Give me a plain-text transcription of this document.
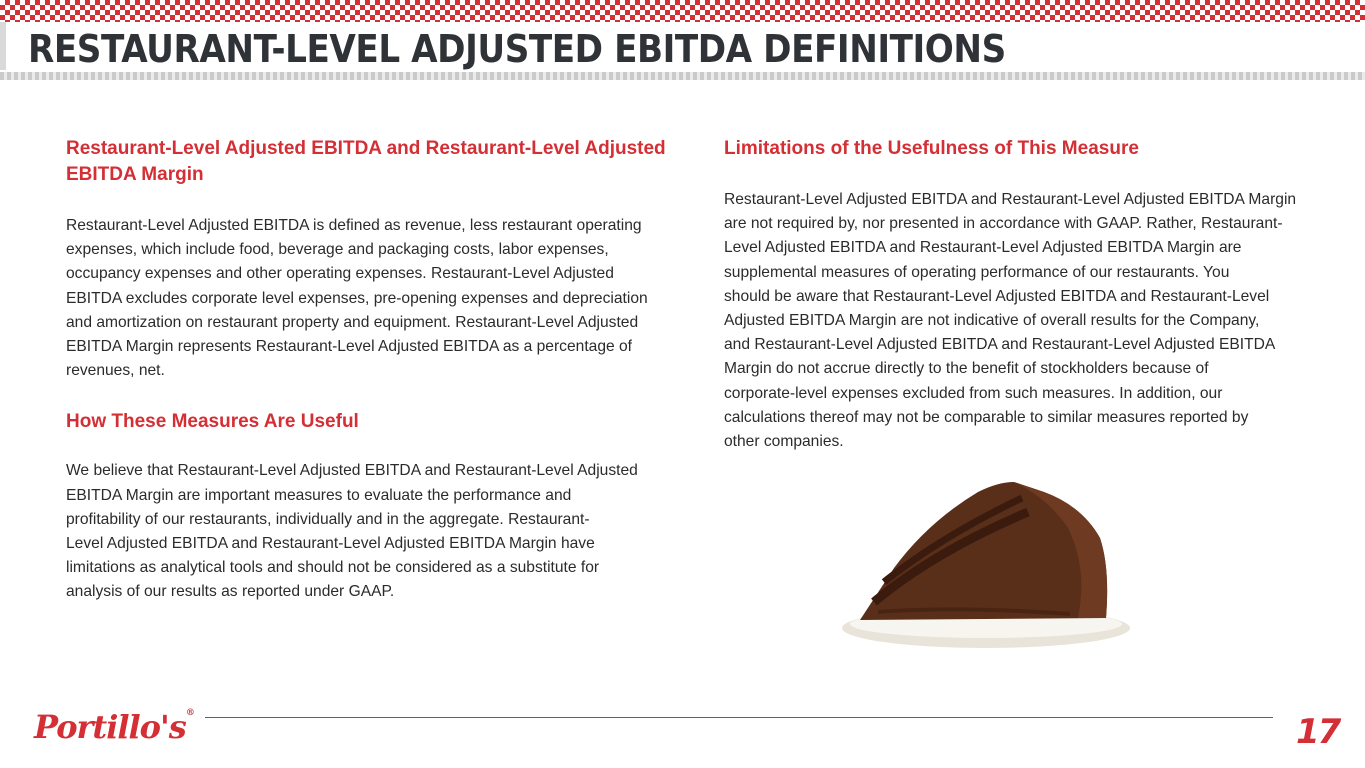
RESTAURANT-LEVEL ADJUSTED EBITDA DEFINITIONS

Restaurant-Level Adjusted EBITDA and Restaurant-Level Adjusted
EBITDA Margin

Restaurant-Level Adjusted EBITDA is defined as revenue, less restaurant operating
expenses, which include food, beverage and packaging costs, labor expenses,
occupancy expenses and other operating expenses. Restaurant-Level Adjusted
EBITDA excludes corporate level expenses, pre-opening expenses and depreciation
and amortization on restaurant property and equipment. Restaurant-Level Adjusted
EBITDA Margin represents Restaurant-Level Adjusted EBITDA as a percentage of
revenues, net.

How These Measures Are Useful

We believe that Restaurant-Level Adjusted EBITDA and Restaurant-Level Adjusted
EBITDA Margin are important measures to evaluate the performance and
profitability of our restaurants, individually and in the aggregate. Restaurant-
Level Adjusted EBITDA and Restaurant-Level Adjusted EBITDA Margin have
limitations as analytical tools and should not be considered as a substitute for
analysis of our results as reported under GAAP.

Limitations of the Usefulness of This Measure

Restaurant-Level Adjusted EBITDA and Restaurant-Level Adjusted EBITDA Margin
are not required by, nor presented in accordance with GAAP. Rather, Restaurant-
Level Adjusted EBITDA and Restaurant-Level Adjusted EBITDA Margin are
supplemental measures of operating performance of our restaurants. You
should be aware that Restaurant-Level Adjusted EBITDA and Restaurant-Level
Adjusted EBITDA Margin are not indicative of overall results for the Company,
and Restaurant-Level Adjusted EBITDA and Restaurant-Level Adjusted EBITDA
Margin do not accrue directly to the benefit of stockholders because of
corporate-level expenses excluded from such measures. In addition, our
calculations thereof may not be comparable to similar measures reported by
other companies.

Portillo's®	17
